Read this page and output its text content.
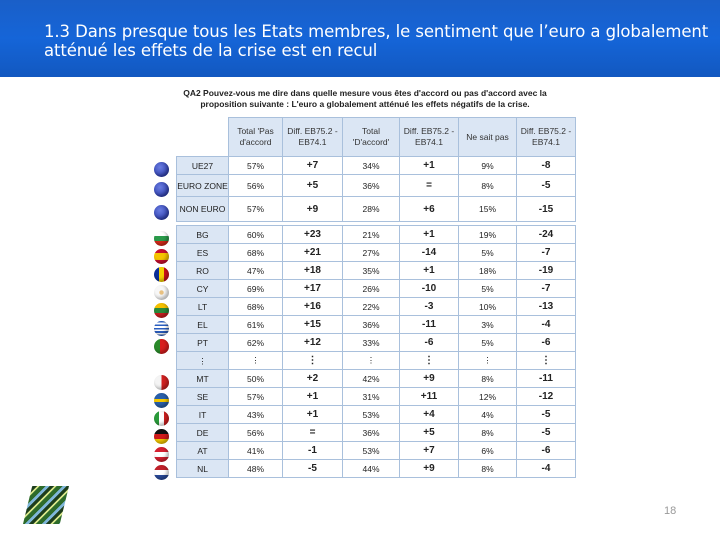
1.3 Dans presque tous les Etats membres, le sentiment que l’euro a globalement atténué les effets de la crise est en recul
QA2 Pouvez-vous me dire dans quelle mesure vous êtes d'accord ou pas d'accord avec la proposition suivante : L'euro a globalement atténué les effets négatifs de la crise.
	Total 'Pas d'accord	Diff. EB75.2 - EB74.1	Total 'D'accord'	Diff. EB75.2 - EB74.1	Ne sait pas	Diff. EB75.2 - EB74.1
UE27	57%	+7	34%	+1	9%	-8
EURO ZONE	56%	+5	36%	=	8%	-5
NON EURO	57%	+9	28%	+6	15%	-15

BG	60%	+23	21%	+1	19%	-24
ES	68%	+21	27%	-14	5%	-7
RO	47%	+18	35%	+1	18%	-19
CY	69%	+17	26%	-10	5%	-7
LT	68%	+16	22%	-3	10%	-13
EL	61%	+15	36%	-11	3%	-4
PT	62%	+12	33%	-6	5%	-6
⋮	⋮	⋮	⋮	⋮	⋮	⋮
MT	50%	+2	42%	+9	8%	-11
SE	57%	+1	31%	+11	12%	-12
IT	43%	+1	53%	+4	4%	-5
DE	56%	=	36%	+5	8%	-5
AT	41%	-1	53%	+7	6%	-6
NL	48%	-5	44%	+9	8%	-4
18
